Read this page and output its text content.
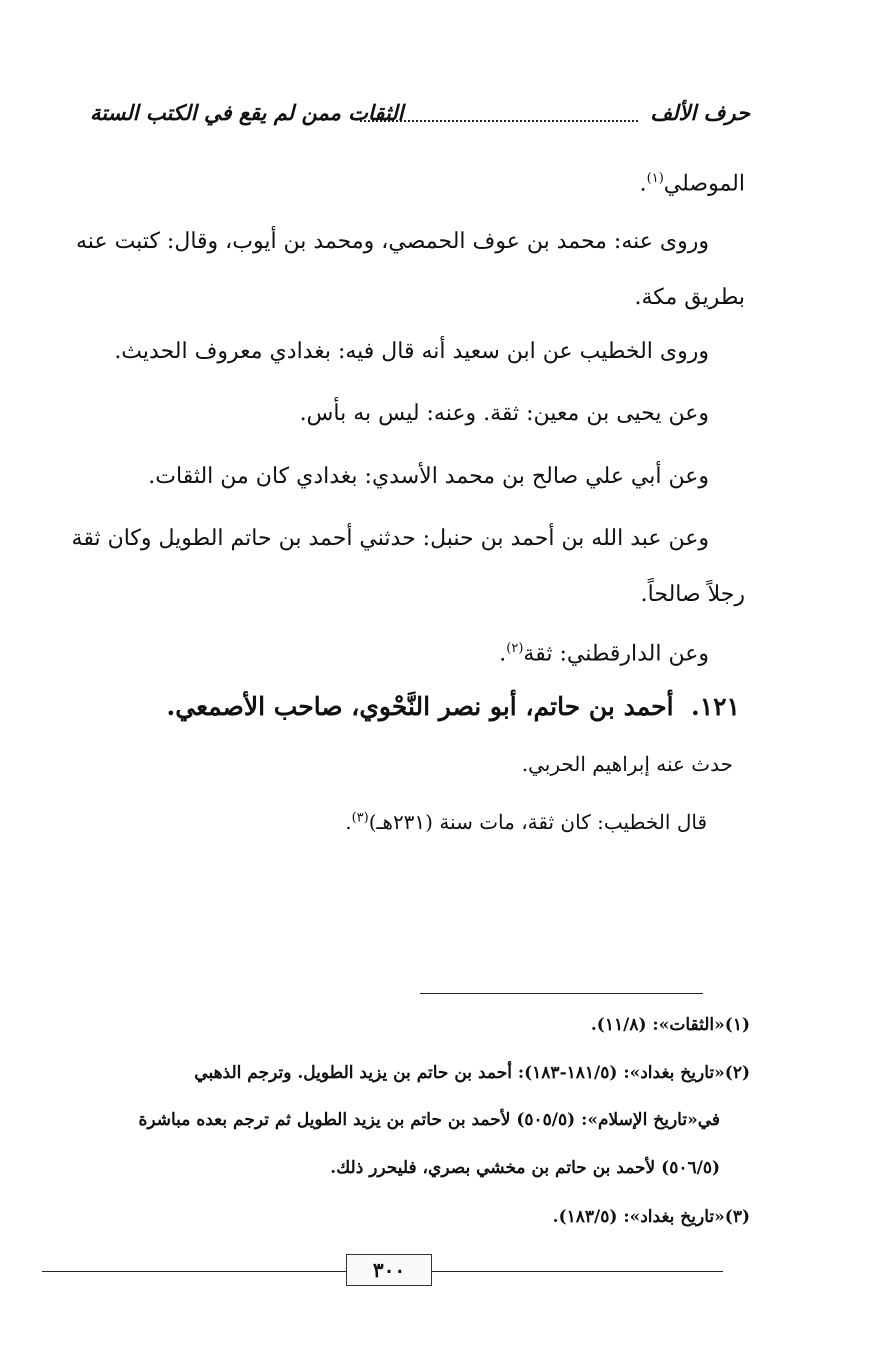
حرف الألف
الثقات ممن لم يقع في الكتب الستة
الموصلي$^{(١)}$.
وروى عنه: محمد بن عوف الحمصي، ومحمد بن أيوب، وقال: كتبت عنه
بطريق مكة.
وروى الخطيب عن ابن سعيد أنه قال فيه: بغدادي معروف الحديث.
وعن يحيى بن معين: ثقة. وعنه: ليس به بأس.
وعن أبي علي صالح بن محمد الأسدي: بغدادي كان من الثقات.
وعن عبد الله بن أحمد بن حنبل: حدثني أحمد بن حاتم الطويل وكان ثقة
رجلاً صالحاً.
وعن الدارقطني: ثقة$^{(٢)}$.
١٢١.  أحمد بن حاتم، أبو نصر النَّحْوي، صاحب الأصمعي.
حدث عنه إبراهيم الحربي.
قال الخطيب: كان ثقة، مات سنة (٢٣١هـ)$^{(٣)}$.
(١)«الثقات»: (١١/٨).
(٢)«تاريخ بغداد»: (١٨١/٥-١٨٣): أحمد بن حاتم بن يزيد الطويل. وترجم الذهبي
في«تاريخ الإسلام»: (٥٠٥/٥) لأحمد بن حاتم بن يزيد الطويل ثم ترجم بعده مباشرة
(٥٠٦/٥) لأحمد بن حاتم بن مخشي بصري، فليحرر ذلك.
(٣)«تاريخ بغداد»: (١٨٣/٥).
٣٠٠
